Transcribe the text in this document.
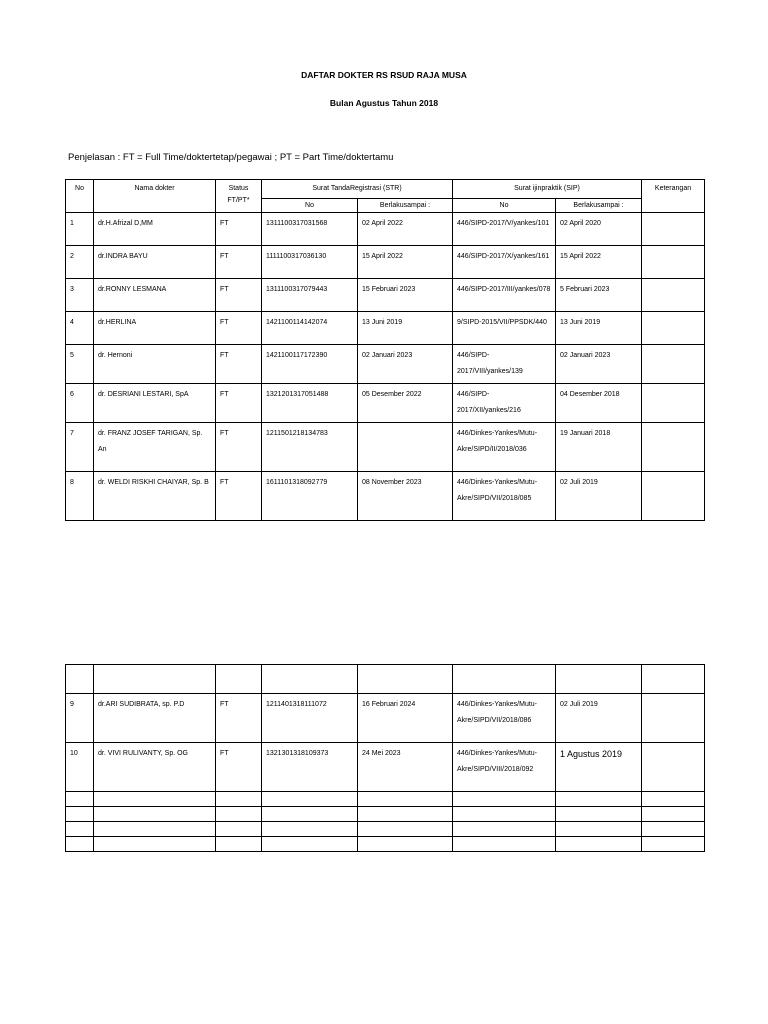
DAFTAR DOKTER RS RSUD RAJA MUSA
Bulan Agustus Tahun 2018
Penjelasan : FT = Full Time/doktertetap/pegawai ; PT = Part Time/doktertamu
No	Nama dokter	Status FT/PT*	Surat TandaRegistrasi (STR)		Surat ijinpraktik (SIP)		Keterangan
			No	Berlakusampai :	No	Berlakusampai :	
1	dr.H.Afrizal D,MM	FT	1311100317031568	02 April 2022	446/SIPD-2017/V/yankes/101	02 April 2020	
2	dr.INDRA BAYU	FT	1111100317036130	15 April 2022	446/SIPD-2017/X/yankes/161	15 April 2022	
3	dr.RONNY LESMANA	FT	1311100317079443	15 Februari 2023	446/SIPD-2017/III/yankes/078	5 Februari 2023	
4	dr.HERLINA	FT	1421100114142074	13 Juni 2019	9/SIPD-2015/VII/PPSDK/440	13 Juni 2019	
5	dr. Hernoni	FT	1421100117172390	02 Januari 2023	446/SIPD-2017/VIII/yankes/139	02 Januari 2023	
6	dr. DESRIANI LESTARI, SpA	FT	1321201317051488	05 Desember 2022	446/SIPD-2017/XII/yankes/216	04 Desember 2018	
7	dr. FRANZ JOSEF TARIGAN, Sp. An	FT	1211501218134783		446/Dinkes-Yankes/Mutu-Akre/SIPD/II/2018/036	19 Januari 2018	
8	dr. WELDI RISKHI CHAIYAR, Sp. B	FT	1611101318092779	08 November 2023	446/Dinkes-Yankes/Mutu-Akre/SIPD/VII/2018/085	02 Juli 2019	

9	dr.ARI SUDIBRATA, sp. P.D	FT	1211401318111072	16 Februari 2024	446/Dinkes-Yankes/Mutu-Akre/SIPD/VII/2018/086	02 Juli 2019	
10	dr. VIVI RULIVANTY, Sp. OG	FT	1321301318109373	24 Mei 2023	446/Dinkes-Yankes/Mutu-Akre/SIPD/VIII/2018/092	1 Agustus 2019	
